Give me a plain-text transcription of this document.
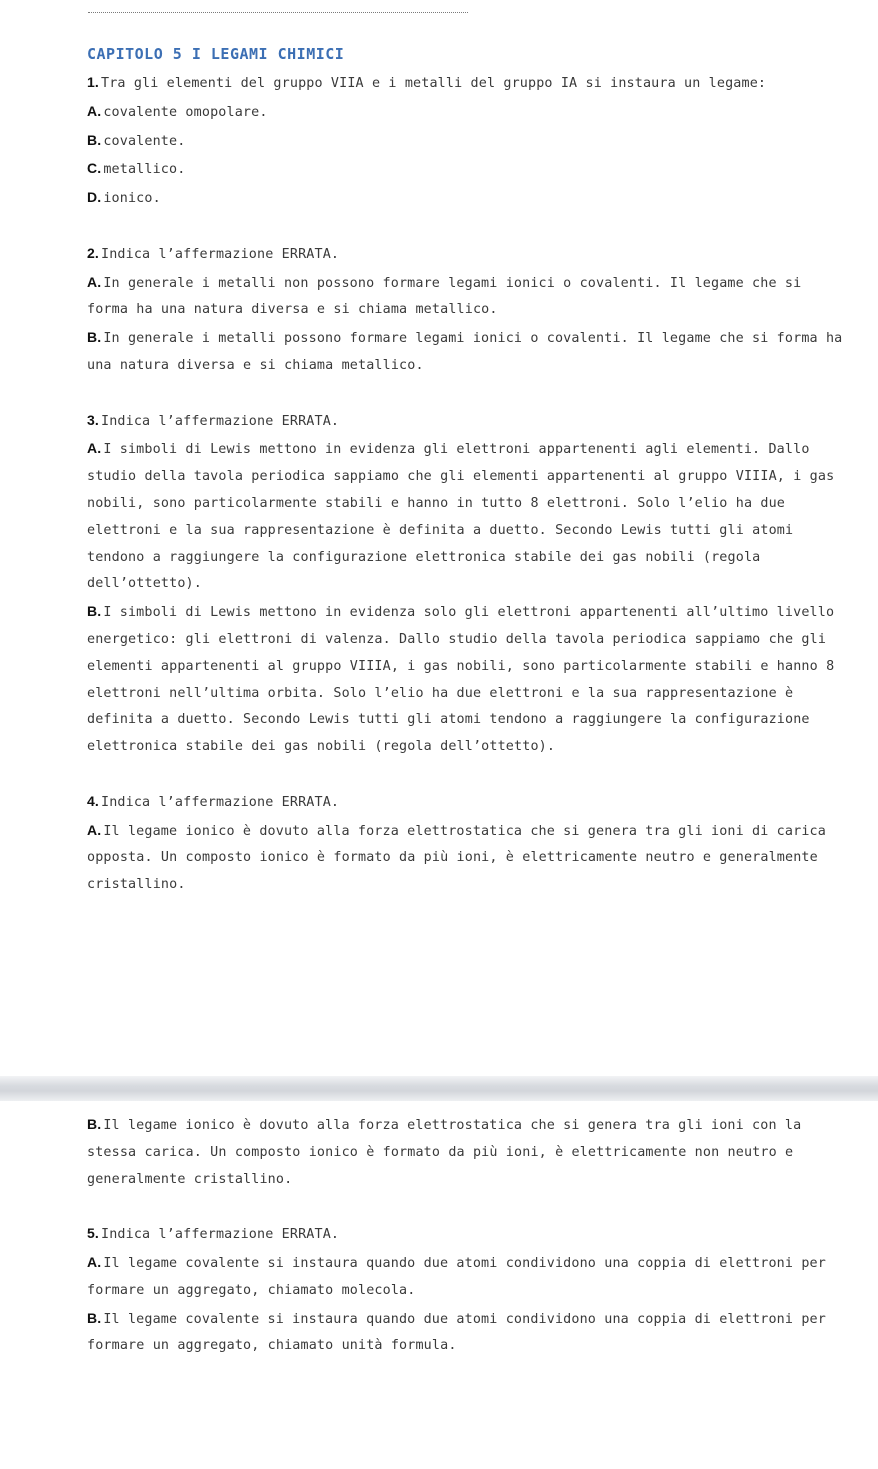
CAPITOLO 5 I LEGAMI CHIMICI

1. Tra gli elementi del gruppo VIIA e i metalli del gruppo IA si instaura un legame:

A. covalente omopolare.

B. covalente.

C. metallico.

D. ionico.

2. Indica l’affermazione ERRATA.

A. In generale i metalli non possono formare legami ionici o covalenti. Il legame che si forma ha una natura diversa e si chiama metallico.

B. In generale i metalli possono formare legami ionici o covalenti. Il legame che si forma ha una natura diversa e si chiama metallico.

3. Indica l’affermazione ERRATA.

A. I simboli di Lewis mettono in evidenza gli elettroni appartenenti agli elementi. Dallo studio della tavola periodica sappiamo che gli elementi appartenenti al gruppo VIIIA, i gas nobili, sono particolarmente stabili e hanno in tutto 8 elettroni. Solo l’elio ha due elettroni e la sua rappresentazione è definita a duetto. Secondo Lewis tutti gli atomi tendono a raggiungere la configurazione elettronica stabile dei gas nobili (regola dell’ottetto).

B. I simboli di Lewis mettono in evidenza solo gli elettroni appartenenti all’ultimo livello energetico: gli elettroni di valenza. Dallo studio della tavola periodica sappiamo che gli elementi appartenenti al gruppo VIIIA, i gas nobili, sono particolarmente stabili e hanno 8 elettroni nell’ultima orbita. Solo l’elio ha due elettroni e la sua rappresentazione è definita a duetto. Secondo Lewis tutti gli atomi tendono a raggiungere la configurazione elettronica stabile dei gas nobili (regola dell’ottetto).

4. Indica l’affermazione ERRATA.

A. Il legame ionico è dovuto alla forza elettrostatica che si genera tra gli ioni di carica opposta. Un composto ionico è formato da più ioni, è elettricamente neutro e generalmente cristallino.

B. Il legame ionico è dovuto alla forza elettrostatica che si genera tra gli ioni con la stessa carica. Un composto ionico è formato da più ioni, è elettricamente non neutro e generalmente cristallino.

5. Indica l’affermazione ERRATA.

A. Il legame covalente si instaura quando due atomi condividono una coppia di elettroni per formare un aggregato, chiamato molecola.

B. Il legame covalente si instaura quando due atomi condividono una coppia di elettroni per formare un aggregato, chiamato unità formula.
